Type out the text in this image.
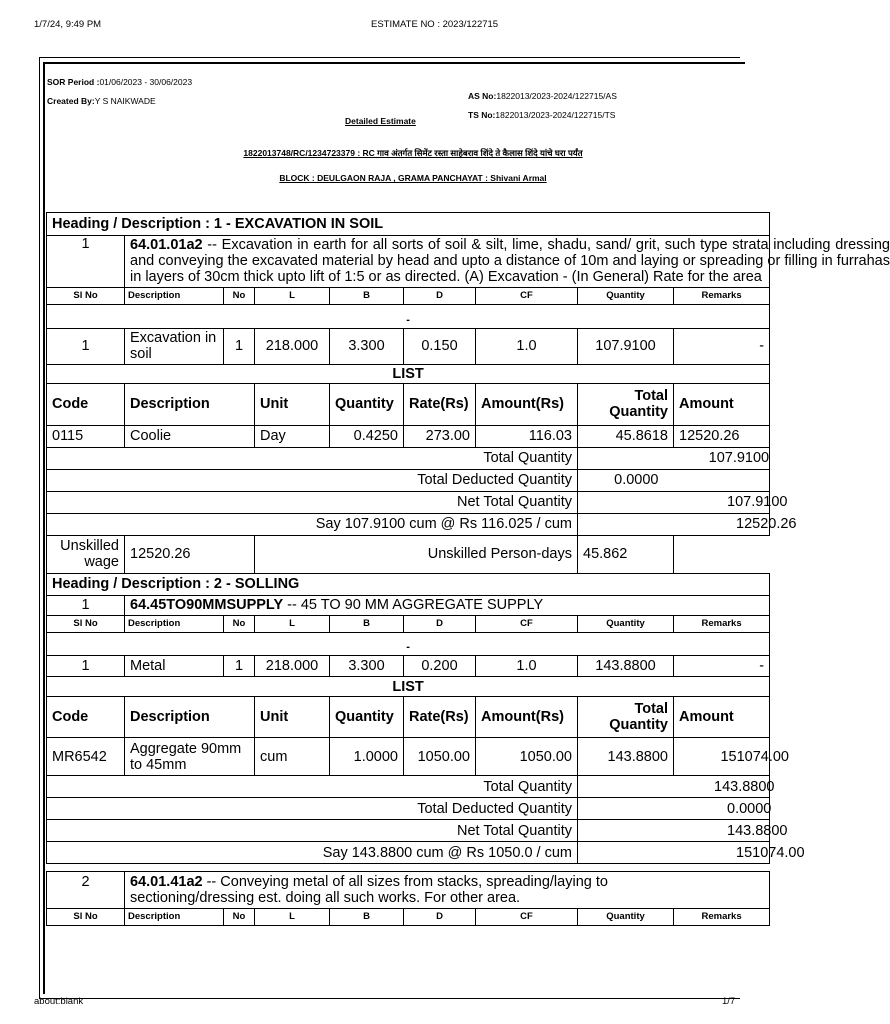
1/7/24, 9:49 PM	ESTIMATE NO : 2023/122715
SOR Period :01/06/2023 - 30/06/2023
Created By:Y S NAIKWADE	AS No:1822013/2023-2024/122715/AS
TS No:1822013/2023-2024/122715/TS
Detailed Estimate
1822013748/RC/1234723379 : RC गाव अंतर्गत सिमेंट रस्ता साहेबराव शिंदे ते कैलास शिंदे यांचे घरा पर्यंत
BLOCK : DEULGAON RAJA , GRAMA PANCHAYAT : Shivani Armal
Heading / Description : 1 - EXCAVATION IN SOIL								
1	64.01.01a2 -- Excavation in earth for all sorts of soil & silt, lime, shadu, sand/ grit, such type strata including dressing and conveying the excavated material by head and upto a distance of 10m and laying or spreading or filling in furrahas in layers of 30cm thick upto lift of 1:5 or as directed. (A) Excavation - (In General) Rate for the area							

Sl No	Description	No	L	B	D	CF	Quantity	Remarks

-								
1	Excavation in soil	1	218.000	3.300	0.150	1.0	107.9100	-
LIST								
Code	Description		Unit	Quantity	Rate(Rs)	Amount(Rs)	Total Quantity	Amount
0115	Coolie		Day	0.4250	273.00	116.03	45.8618	12520.26
Total Quantity							107.9100	
Total Deducted Quantity							0.0000	
Net Total Quantity							107.9100	
Say 107.9100 cum @ Rs 116.025 / cum							12520.26	
Unskilled wage	12520.26		Unskilled Person-days				45.862	
Heading / Description : 2 - SOLLING								
1	64.45TO90MMSUPPLY -- 45 TO 90 MM AGGREGATE SUPPLY							
Sl No	Description	No	L	B	D	CF	Quantity	Remarks

-								
1	Metal	1	218.000	3.300	0.200	1.0	143.8800	-
LIST								
Code	Description		Unit	Quantity	Rate(Rs)	Amount(Rs)	Total Quantity	Amount
MR6542	Aggregate 90mm to 45mm		cum	1.0000	1050.00	1050.00	143.8800	151074.00
Total Quantity							143.8800	
Total Deducted Quantity							0.0000	
Net Total Quantity							143.8800	
Say 143.8800 cum @ Rs 1050.0 / cum							151074.00	

2	64.01.41a2 -- Conveying metal of all sizes from stacks, spreading/laying to
sectioning/dressing est. doing all such works. For other area.							
Sl No	Description	No	L	B	D	CF	Quantity	Remarks
about:blank	1/7
